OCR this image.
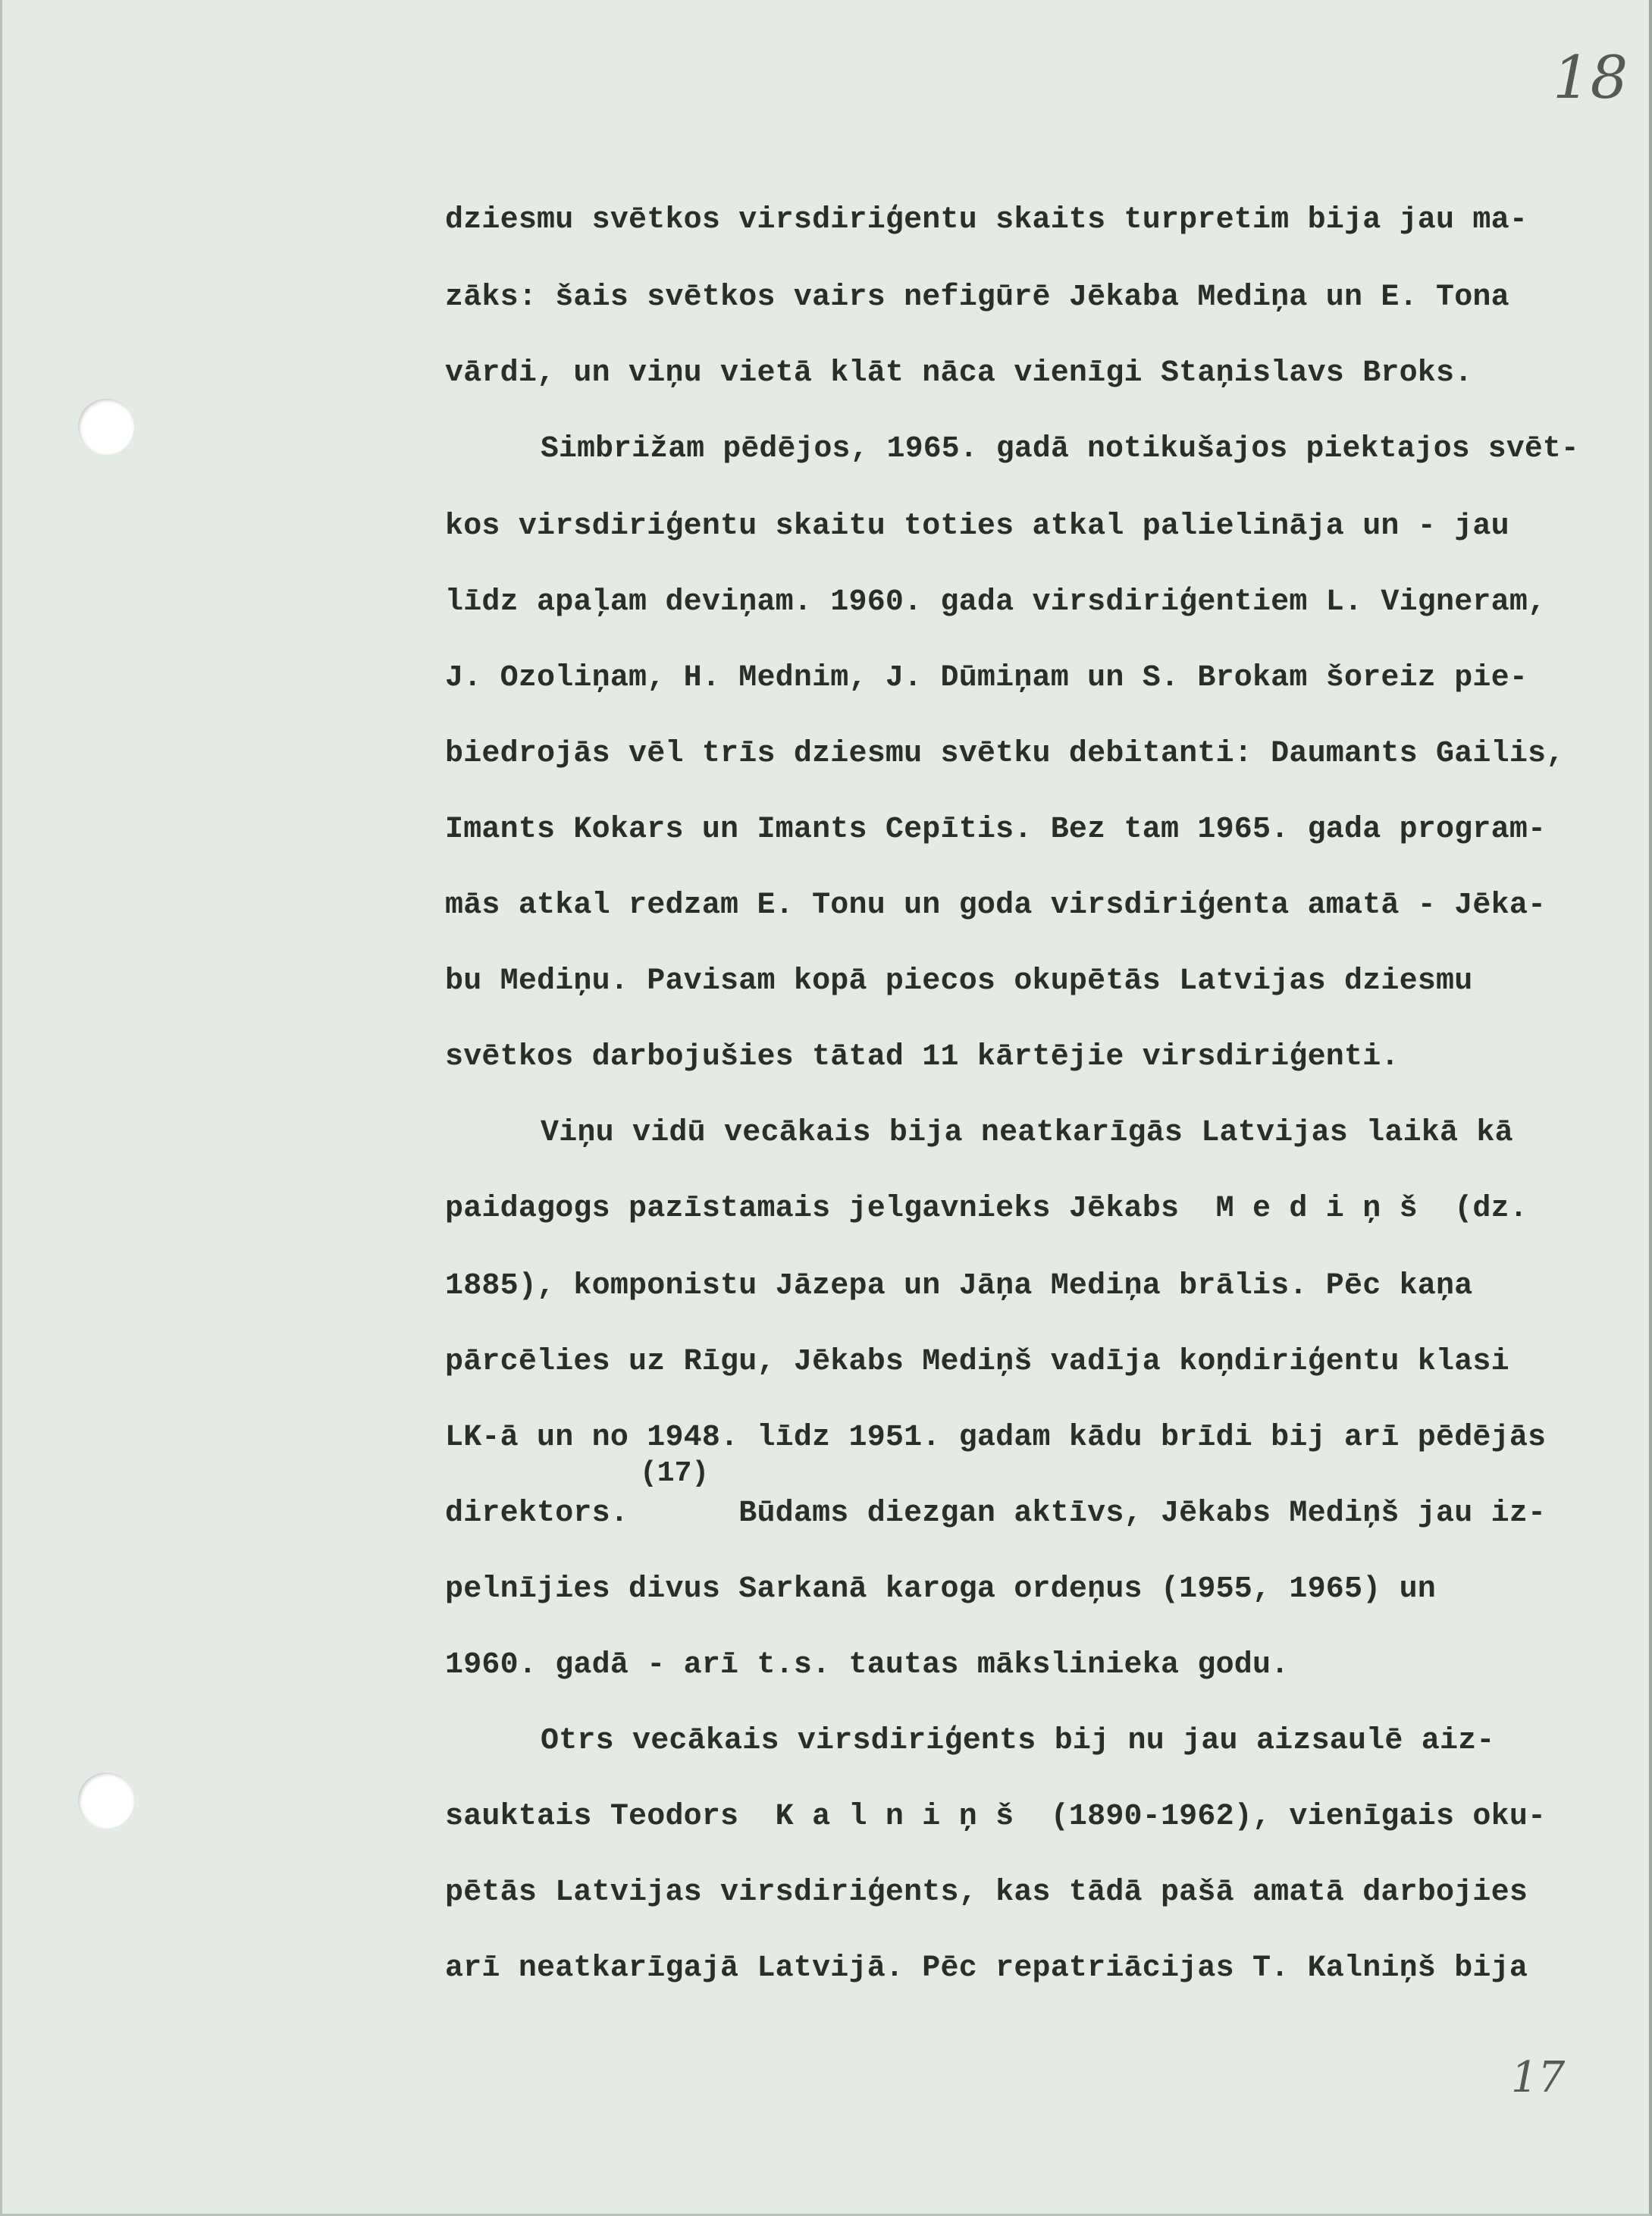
18
17
dziesmu svētkos virsdiriģentu skaits turpretim bija jau ma-
zāks: šais svētkos vairs nefigūrē Jēkaba Mediņa un E. Tona
vārdi, un viņu vietā klāt nāca vienīgi Staņislavs Broks.
Simbrižam pēdējos, 1965. gadā notikušajos piektajos svēt-
kos virsdiriģentu skaitu toties atkal palielināja un - jau
līdz apaļam deviņam. 1960. gada virsdiriģentiem L. Vigneram,
J. Ozoliņam, H. Mednim, J. Dūmiņam un S. Brokam šoreiz pie-
biedrojās vēl trīs dziesmu svētku debitanti: Daumants Gailis,
Imants Kokars un Imants Cepītis. Bez tam 1965. gada program-
mās atkal redzam E. Tonu un goda virsdiriģenta amatā - Jēka-
bu Mediņu. Pavisam kopā piecos okupētās Latvijas dziesmu
svētkos darbojušies tātad 11 kārtējie virsdiriģenti.
Viņu vidū vecākais bija neatkarīgās Latvijas laikā kā
paidagogs pazīstamais jelgavnieks Jēkabs  M e d i ņ š  (dz.
1885), komponistu Jāzepa un Jāņa Mediņa brālis. Pēc kaņa
pārcēlies uz Rīgu, Jēkabs Mediņš vadīja koņdiriģentu klasi
LK-ā un no 1948. līdz 1951. gadam kādu brīdi bij arī pēdējās
direktors.      Būdams diezgan aktīvs, Jēkabs Mediņš jau iz-
pelnījies divus Sarkanā karoga ordeņus (1955, 1965) un
1960. gadā - arī t.s. tautas mākslinieka godu.
Otrs vecākais virsdiriģents bij nu jau aizsaulē aiz-
sauktais Teodors  K a l n i ņ š  (1890-1962), vienīgais oku-
pētās Latvijas virsdiriģents, kas tādā pašā amatā darbojies
arī neatkarīgajā Latvijā. Pēc repatriācijas T. Kalniņš bija
(17)
